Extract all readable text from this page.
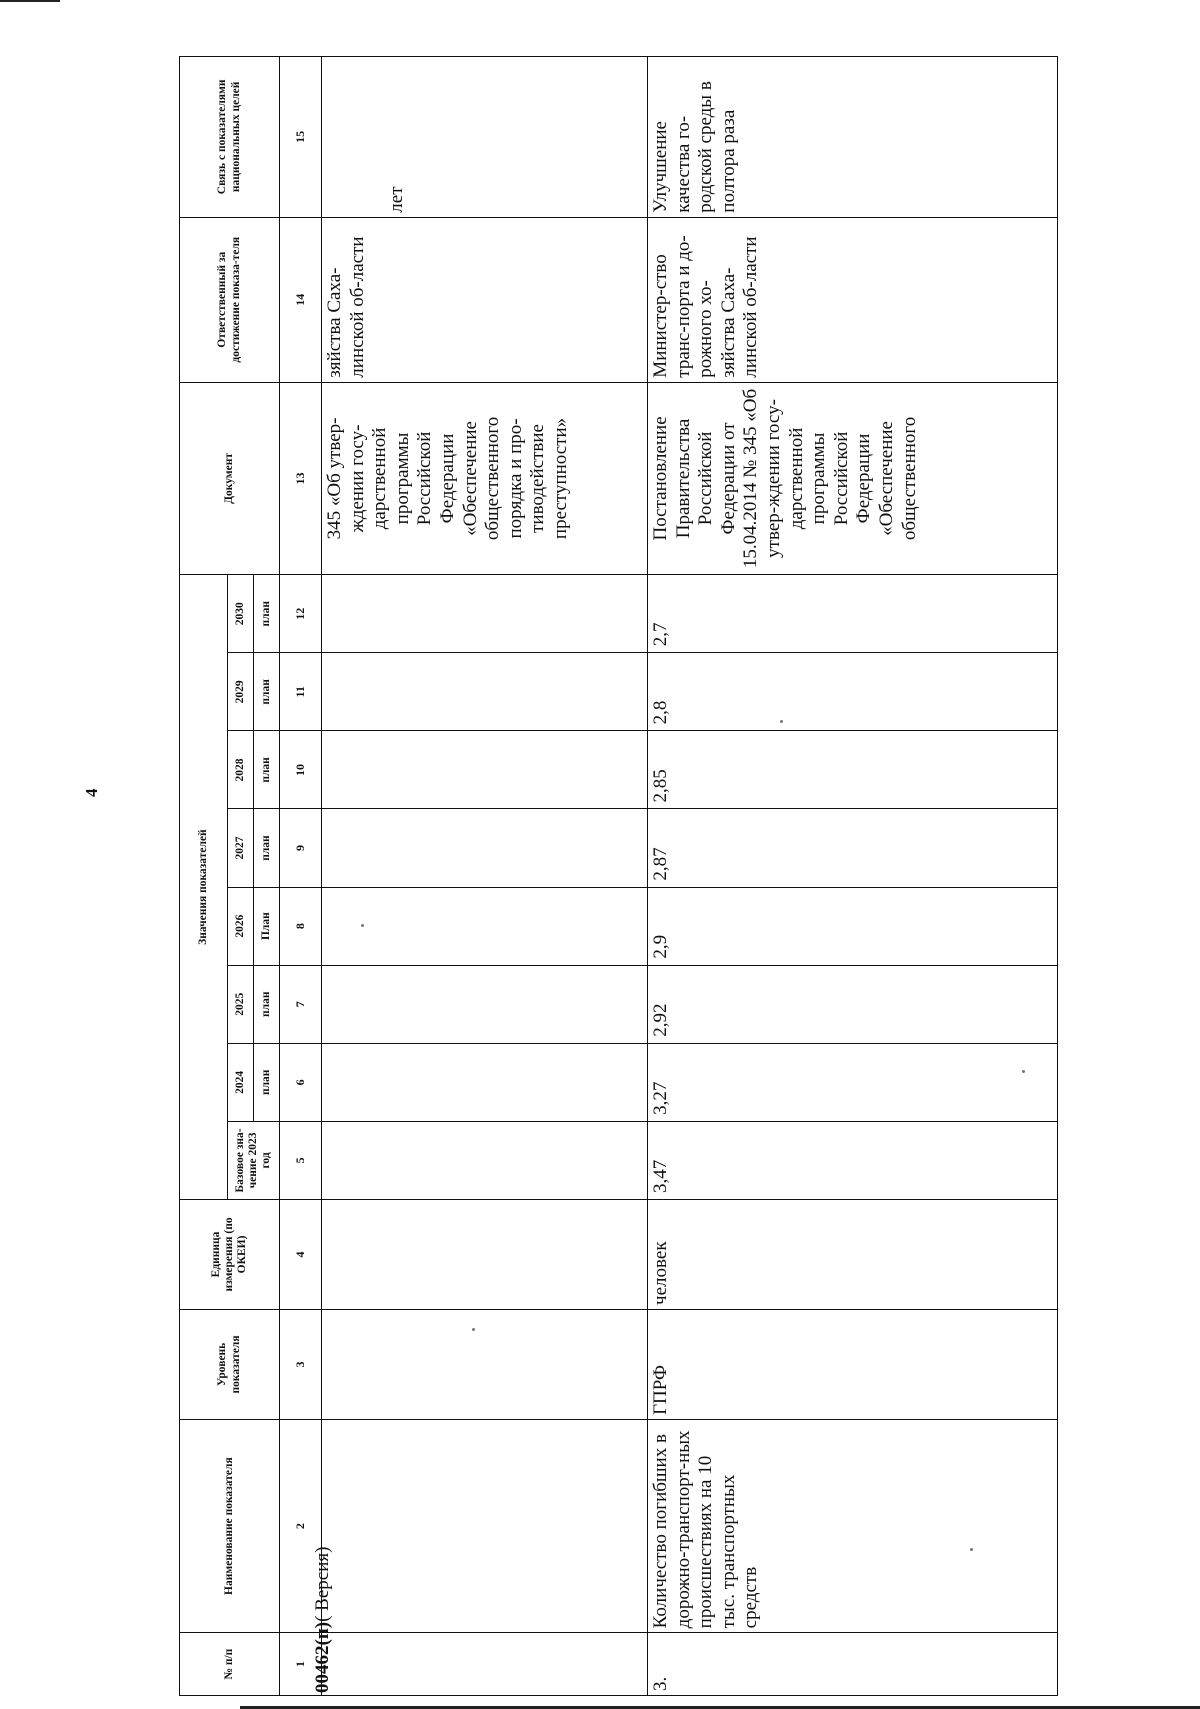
4
00462(п)( Версия)
№ п/п	Наименование показателя	Уровень показателя	Единица измерения (по ОКЕИ)	Значения показателей								Документ	Ответственный за достижение показа-теля	Связь с показателями национальных целей
				Базовое зна-чение 2023 год	2024	2025	2026	2027	2028	2029	2030			
					план	план	План	план	план	план	план			
1	2	3	4	5	6	7	8	9	10	11	12	13	14	15
												345 «Об утвер-ждении госу-дарственной программы Российской Федерации «Обеспечение общественного порядка и про-тиводействие преступности»	зяйства Саха-линской об-ласти	лет
3.	Количество погибших в дорожно-транспорт-ных происшествиях на 10 тыс. транспортных средств	ГПРФ	человек	3,47	3,27	2,92	2,9	2,87	2,85	2,8	2,7	Постановление Правительства Российской Федерации от 15.04.2014 № 345 «Об утвер-ждении госу-дарственной программы Российской Федерации «Обеспечение общественного	Министер-ство транс-порта и до-рожного хо-зяйства Саха-линской об-ласти	Улучшение качества го-родской среды в полтора раза
